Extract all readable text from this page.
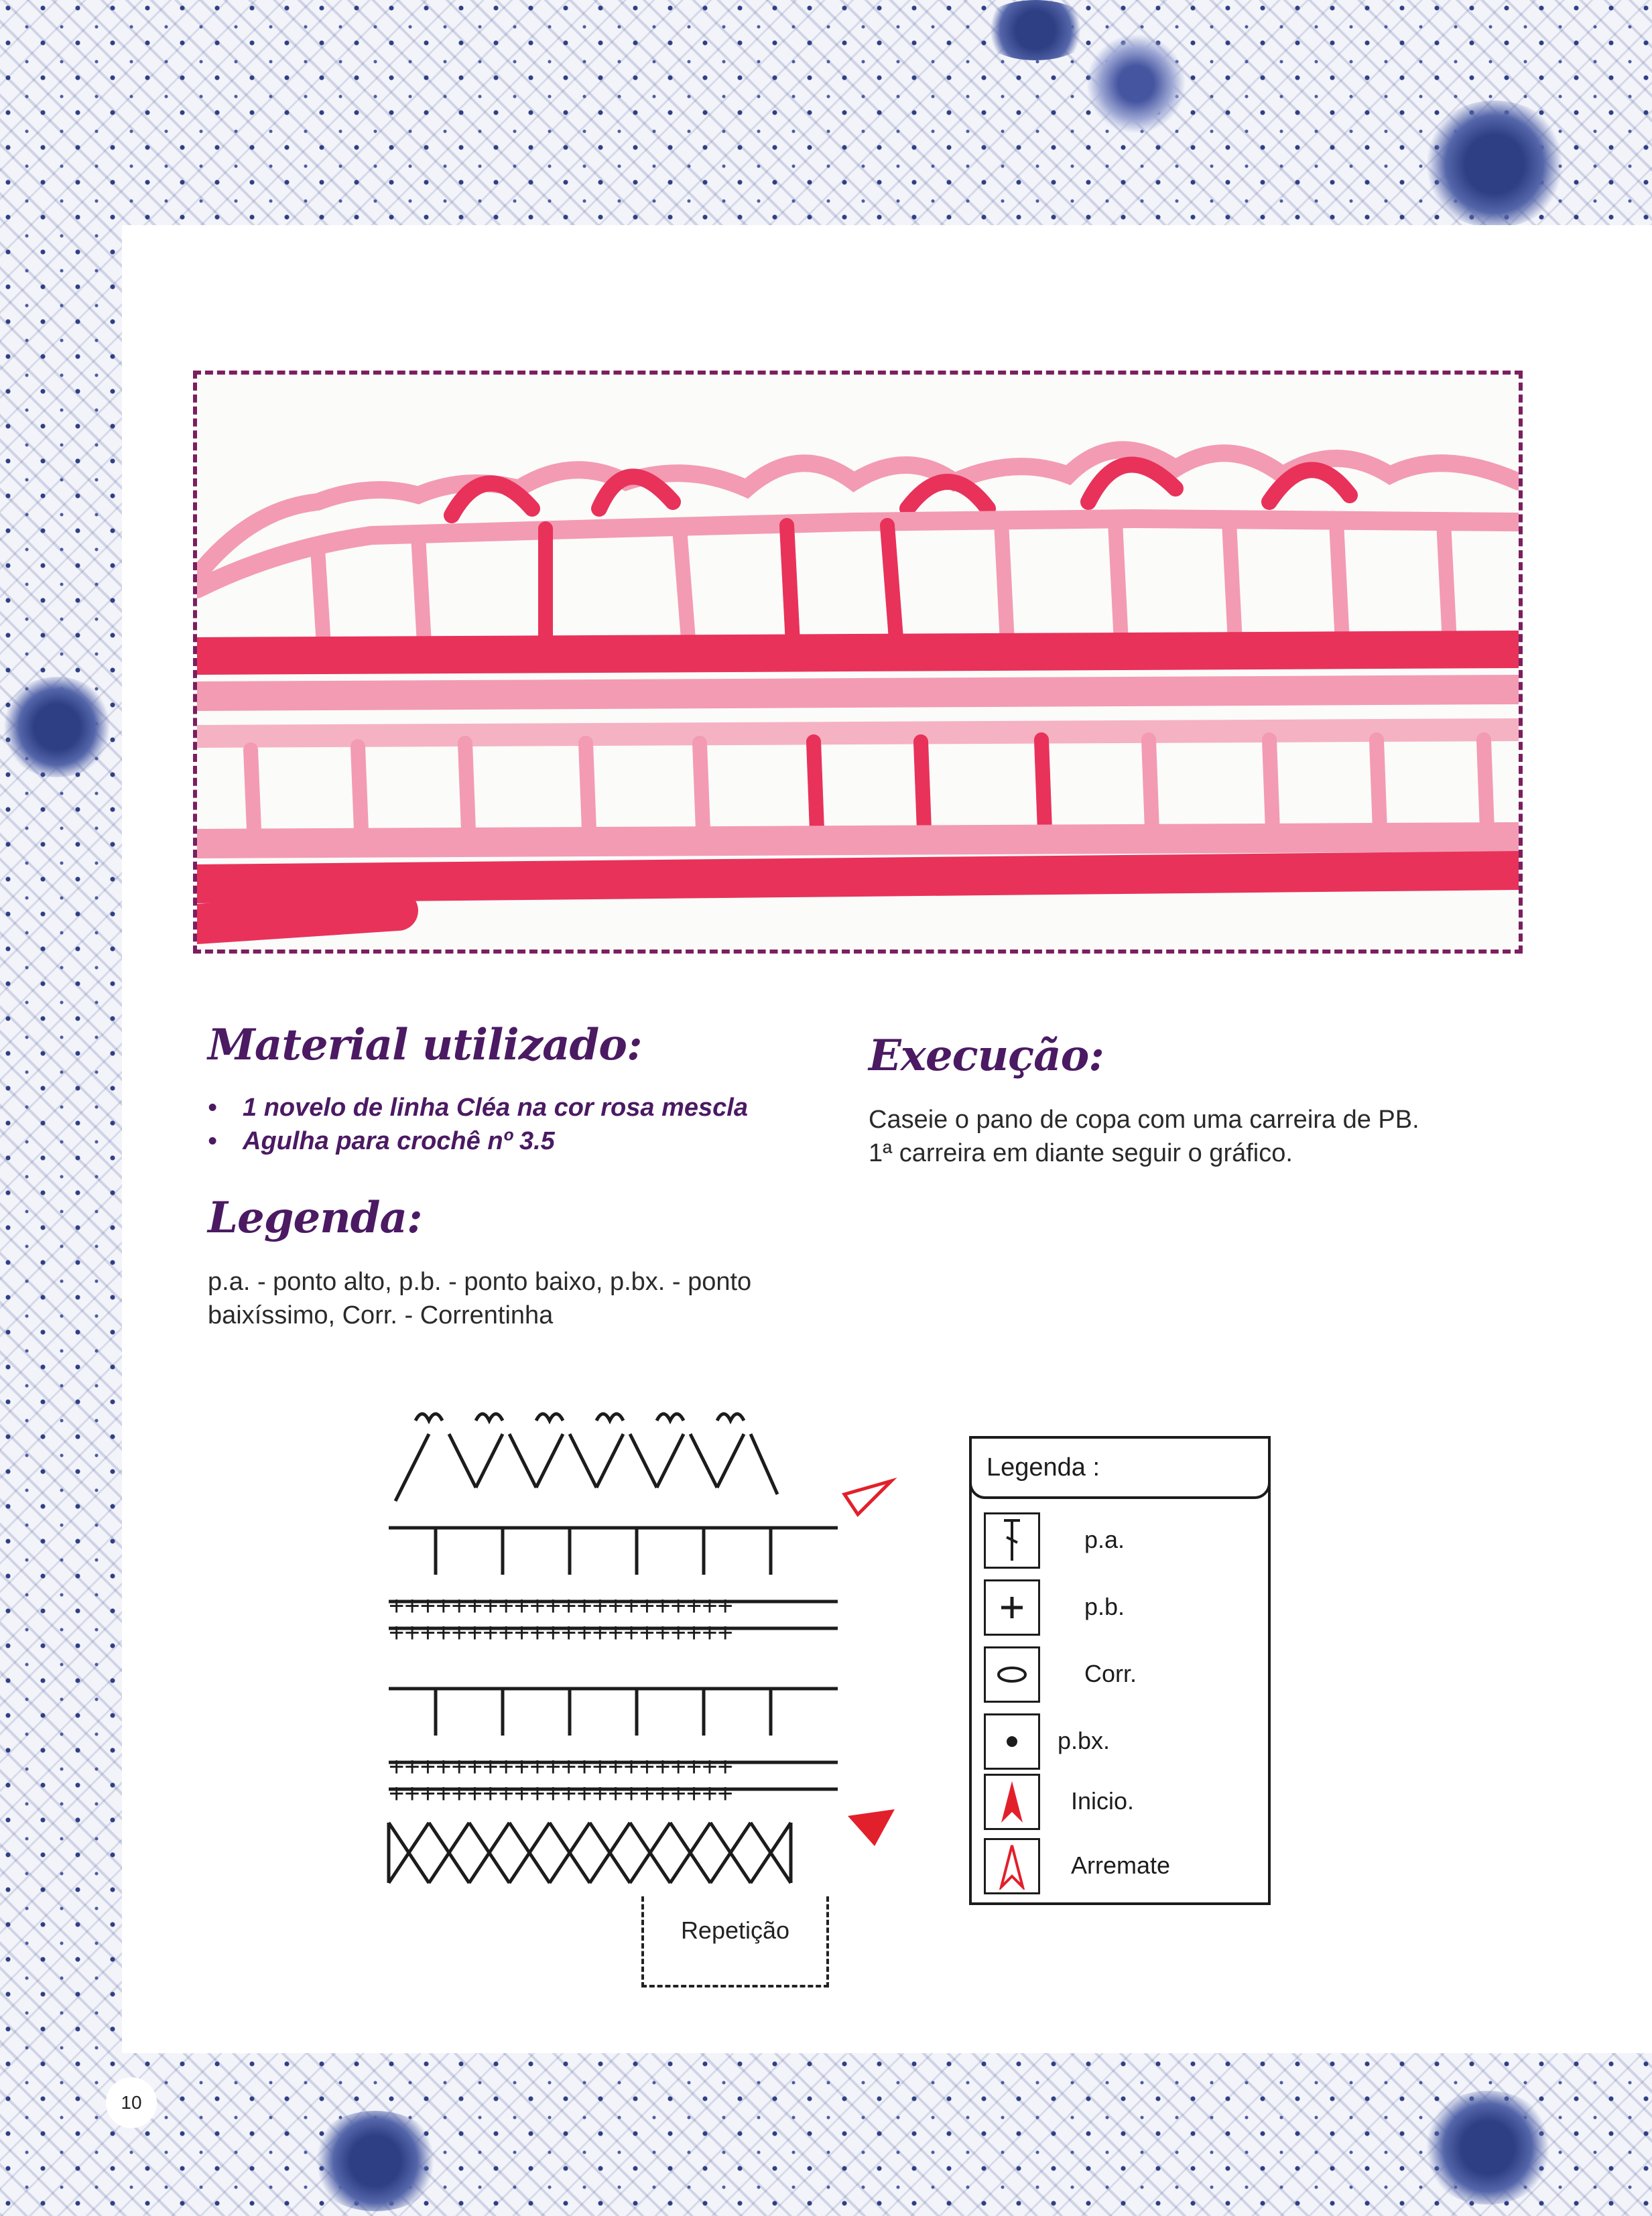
Material utilizado:
• 1 novelo de linha Cléa na cor rosa mescla
• Agulha para crochê nº 3.5
Legenda:
p.a. - ponto alto, p.b. - ponto baixo, p.bx. - ponto
baixíssimo, Corr. - Correntinha
Execução:
Caseie o pano de copa com uma carreira de PB.
1ª carreira em diante seguir o gráfico.
++++++++++++++++++++++
++++++++++++++++++++++
++++++++++++++++++++++
++++++++++++++++++++++
Repetição
Legenda :
p.a.
p.b.
Corr.
p.bx.
Inicio.
Arremate
10
